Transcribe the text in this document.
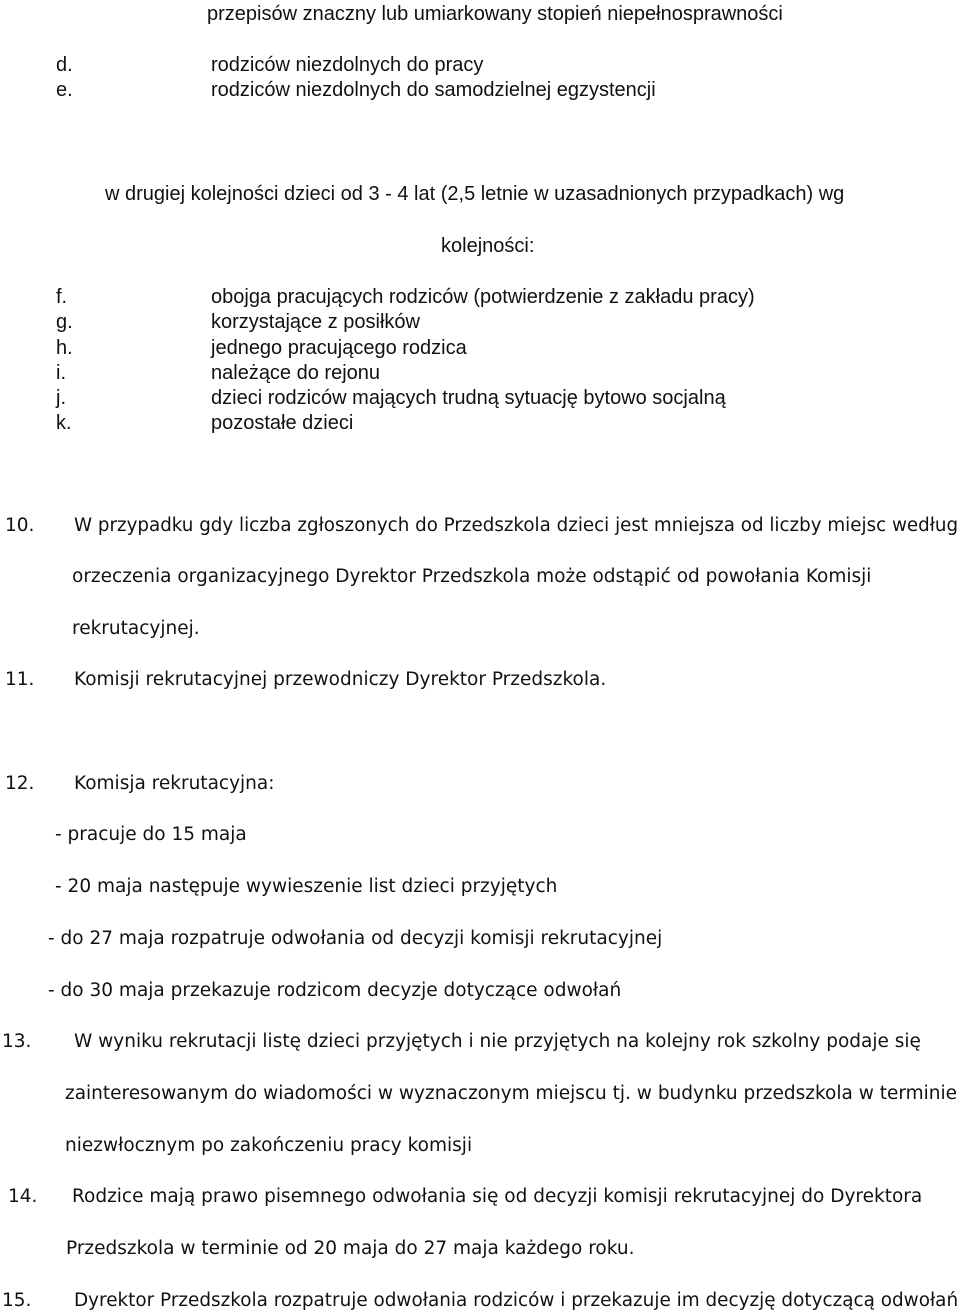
przepisów znaczny lub umiarkowany stopień niepełnosprawności
d.	rodziców niezdolnych do pracy
e.	rodziców niezdolnych do samodzielnej egzystencji
w drugiej kolejności dzieci od 3 - 4 lat (2,5 letnie w uzasadnionych przypadkach) wg
kolejności:
f.	obojga pracujących rodziców (potwierdzenie z zakładu pracy)
g.	korzystające z posiłków
h.	jednego pracującego rodzica
i.	należące do rejonu
j.	dzieci rodziców mających trudną sytuację bytowo socjalną
k.	pozostałe dzieci
10. W przypadku gdy liczba zgłoszonych do Przedszkola dzieci jest mniejsza od liczby miejsc według
orzeczenia organizacyjnego Dyrektor Przedszkola może odstąpić od powołania Komisji
rekrutacyjnej.
11. Komisji rekrutacyjnej przewodniczy Dyrektor Przedszkola.
12. Komisja rekrutacyjna:
- pracuje do 15 maja
- 20 maja następuje wywieszenie list dzieci przyjętych
- do 27 maja rozpatruje odwołania od decyzji komisji rekrutacyjnej
- do 30 maja przekazuje rodzicom decyzje dotyczące odwołań
13. W wyniku rekrutacji listę dzieci przyjętych i nie przyjętych na kolejny rok szkolny podaje się
zainteresowanym do wiadomości w wyznaczonym miejscu tj. w budynku przedszkola w terminie
niezwłocznym po zakończeniu pracy komisji
14. Rodzice mają prawo pisemnego odwołania się od decyzji komisji rekrutacyjnej do Dyrektora
Przedszkola w terminie od 20 maja do 27 maja każdego roku.
15. Dyrektor Przedszkola rozpatruje odwołania rodziców i przekazuje im decyzję dotyczącą odwołań
